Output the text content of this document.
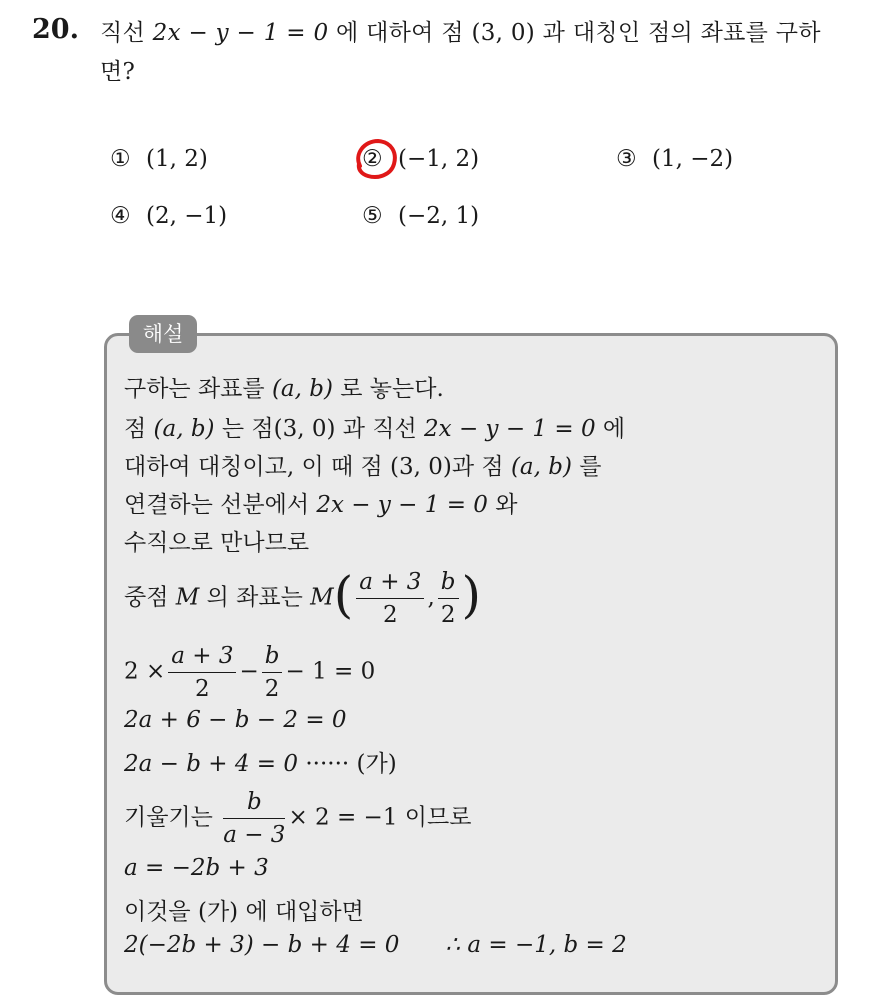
20. 직선 2x − y − 1 = 0 에 대하여 점 (3, 0) 과 대칭인 점의 좌표를 구하
면?
① (1, 2)	② (−1, 2)	③ (1, −2)
④ (2, −1)	⑤ (−2, 1)
해설
구하는 좌표를 (a, b) 로 놓는다.
점 (a, b) 는 점(3, 0) 과 직선 2x − y − 1 = 0 에
대하여 대칭이고, 이 때 점 (3, 0)과 점 (a, b) 를
연결하는 선분에서 2x − y − 1 = 0 와
수직으로 만나므로
중점 M 의 좌표는 $M( \frac{a + 3}{2}$ , $\frac{b}{2}$ )
$2 \times \frac{a + 3}{2} - \frac{b}{2} - 1 = 0$
2a + 6 − b − 2 = 0
2a − b + 4 = 0 ······ (가)
기울기는 $\frac{b}{a - 3} \times 2 = -1$ 이므로
a = −2b + 3
이것을 (가) 에 대입하면
2(−2b + 3) − b + 4 = 0 ∴ a = −1, b = 2
